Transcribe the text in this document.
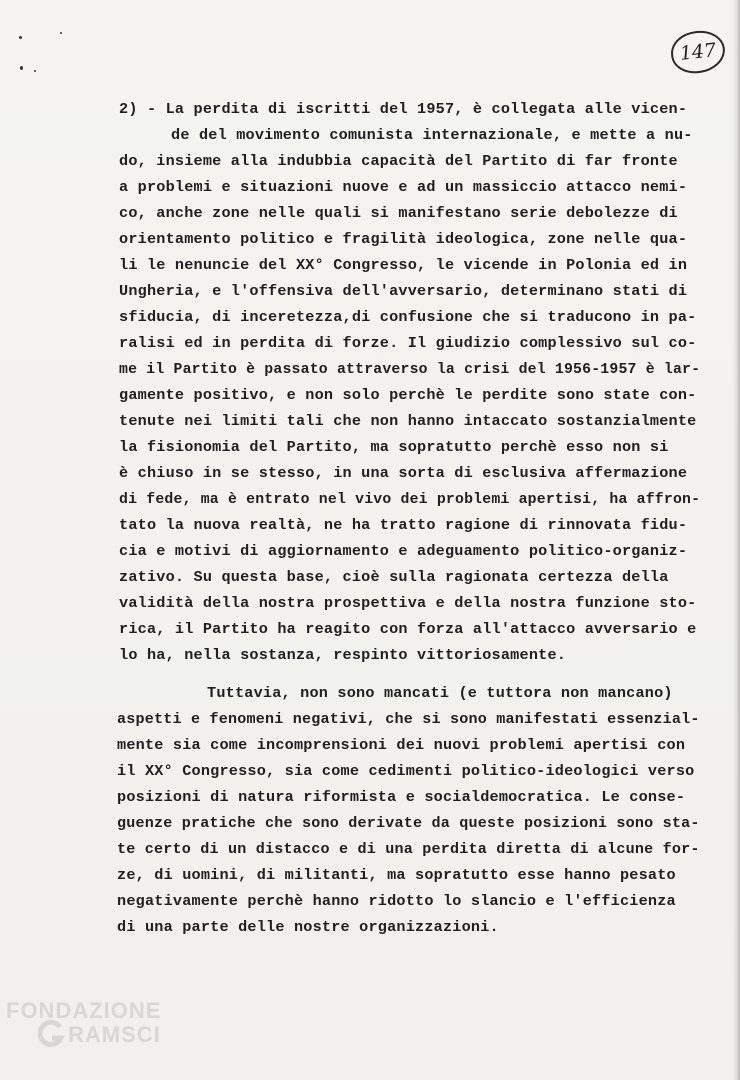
147
2) - La perdita di iscritti del 1957, è collegata alle vicen-
de del movimento comunista internazionale, e mette a nu-
do, insieme alla indubbia capacità del Partito di far fronte
a problemi e situazioni nuove e ad un massiccio attacco nemi-
co, anche zone nelle quali si manifestano serie debolezze di
orientamento politico e fragilità ideologica, zone nelle qua-
li le nenuncie del XX° Congresso, le vicende in Polonia ed in
Ungheria, e l'offensiva dell'avversario, determinano stati di
sfiducia, di inceretezza,di confusione che si traducono in pa-
ralisi ed in perdita di forze. Il giudizio complessivo sul co-
me il Partito è passato attraverso la crisi del 1956-1957 è lar-
gamente positivo, e non solo perchè le perdite sono state con-
tenute nei limiti tali che non hanno intaccato sostanzialmente
la fisionomia del Partito, ma sopratutto perchè esso non si
è chiuso in se stesso, in una sorta di esclusiva affermazione
di fede, ma è entrato nel vivo dei problemi apertisi, ha affron-
tato la nuova realtà, ne ha tratto ragione di rinnovata fidu-
cia e motivi di aggiornamento e adeguamento politico-organiz-
zativo. Su questa base, cioè sulla ragionata certezza della
validità della nostra prospettiva e della nostra funzione sto-
rica, il Partito ha reagito con forza all'attacco avversario e
lo ha, nella sostanza, respinto vittoriosamente.
Tuttavia, non sono mancati (e tuttora non mancano)
aspetti e fenomeni negativi, che si sono manifestati essenzial-
mente sia come incomprensioni dei nuovi problemi apertisi con
il XX° Congresso, sia come cedimenti politico-ideologici verso
posizioni di natura riformista e socialdemocratica. Le conse-
guenze pratiche che sono derivate da queste posizioni sono sta-
te certo di un distacco e di una perdita diretta di alcune for-
ze, di uomini, di militanti, ma sopratutto esse hanno pesato
negativamente perchè hanno ridotto lo slancio e l'efficienza
di una parte delle nostre organizzazioni.
FONDAZIONE
RAMSCI
